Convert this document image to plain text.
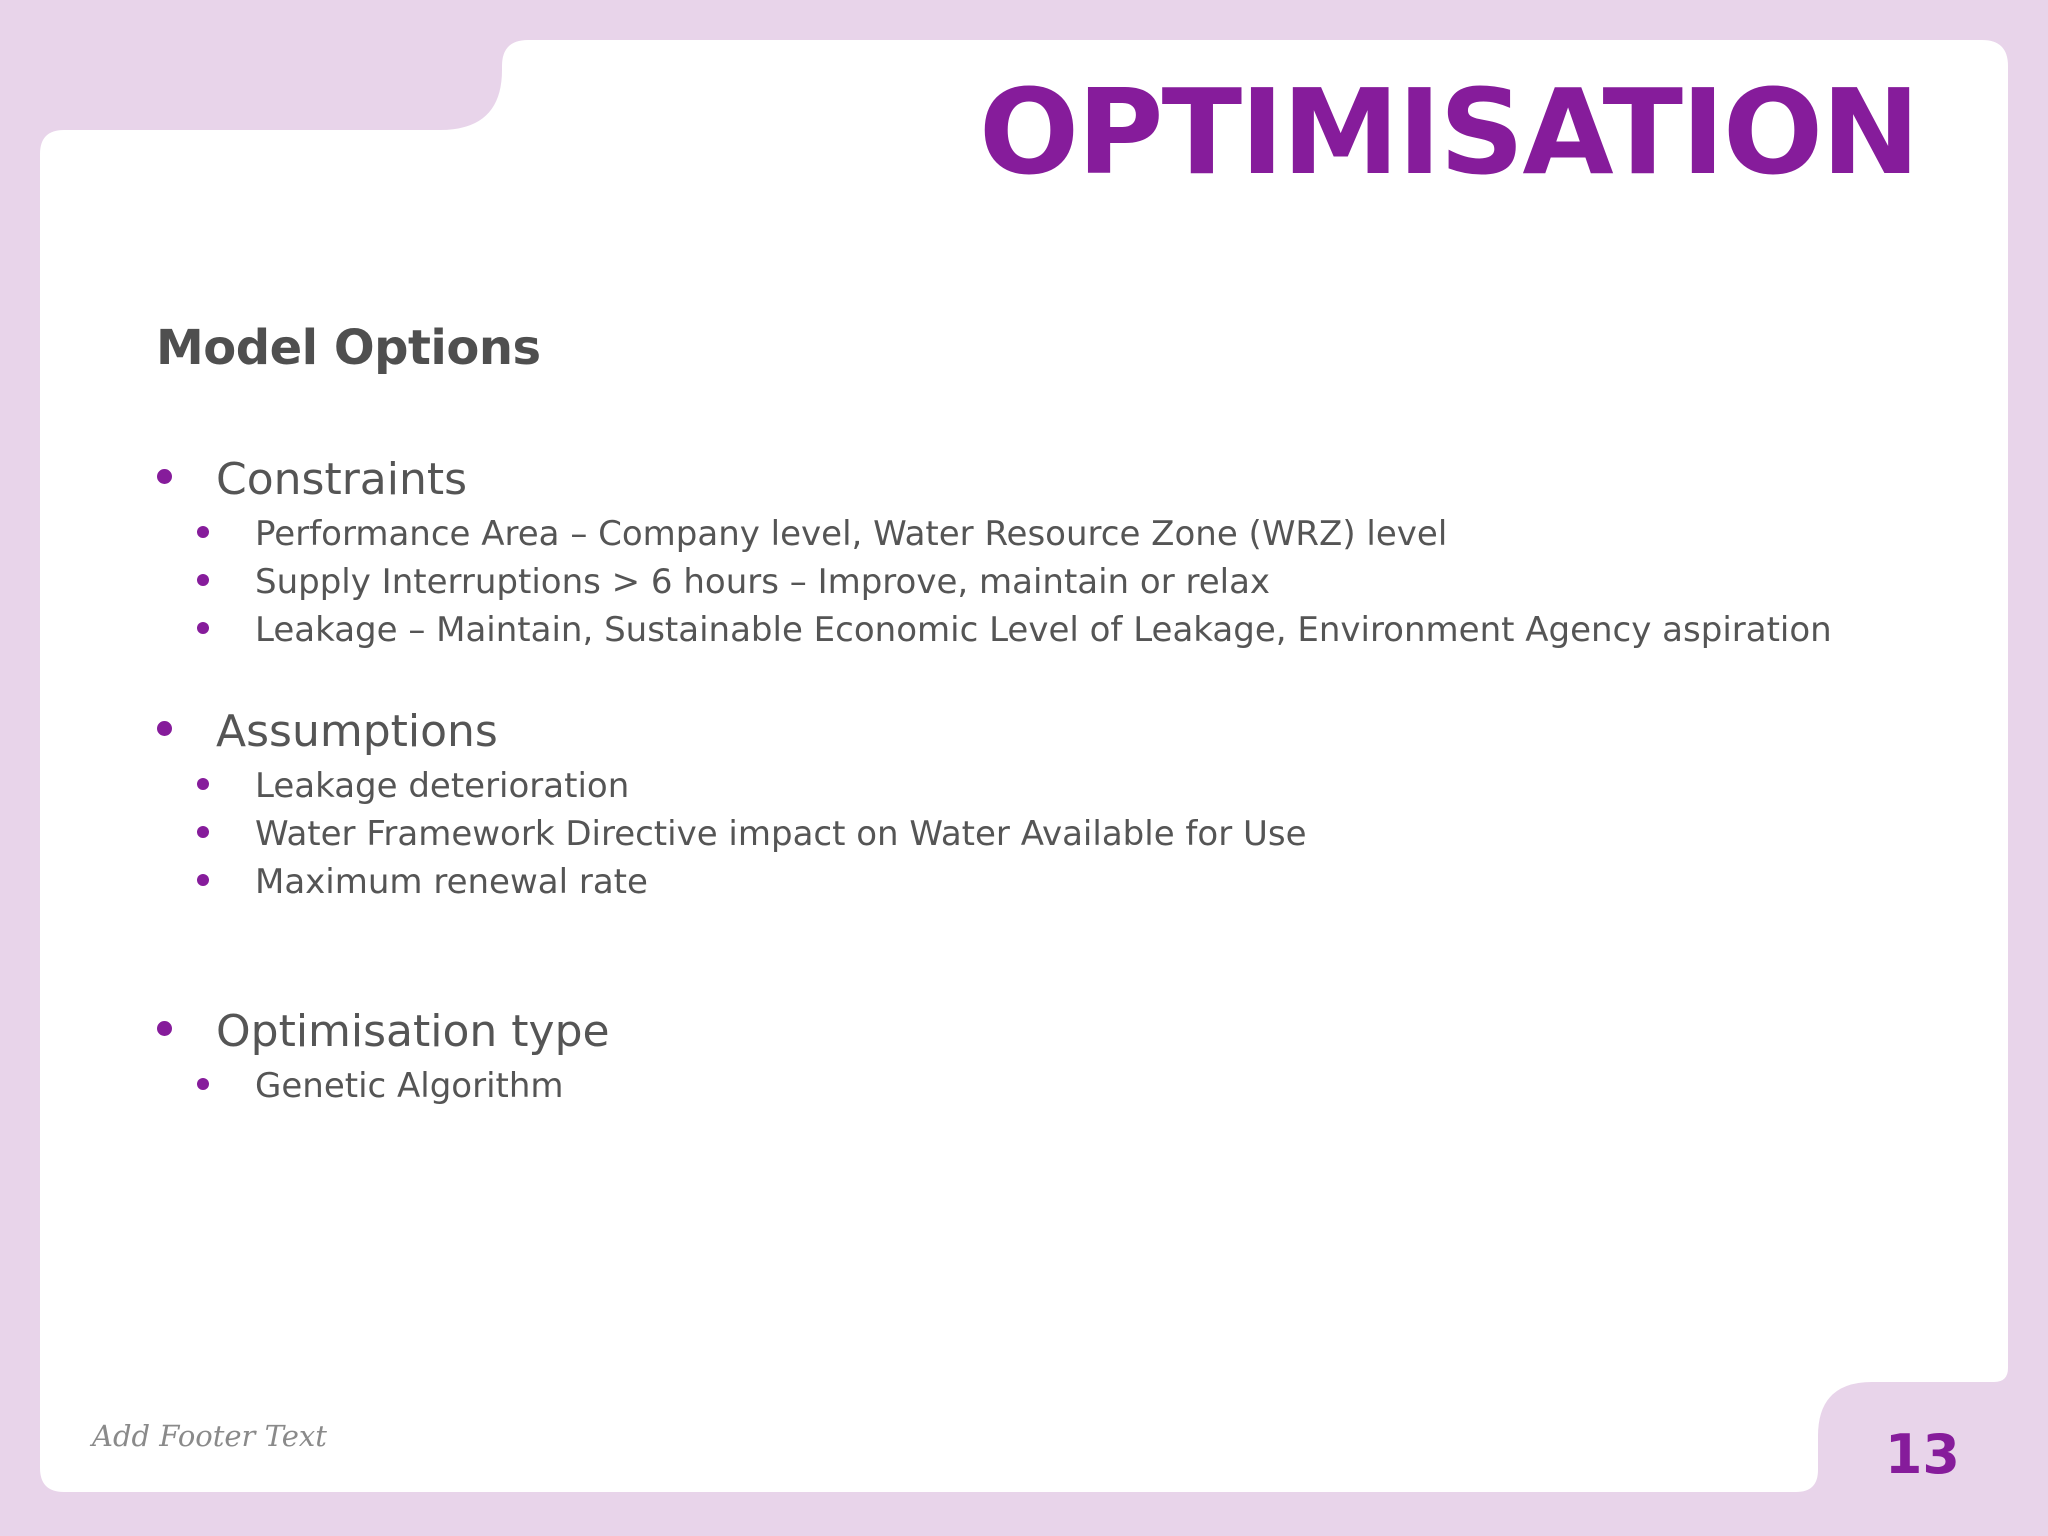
OPTIMISATION
Model Options
Constraints
Performance Area – Company level, Water Resource Zone (WRZ) level
Supply Interruptions > 6 hours – Improve, maintain or relax
Leakage – Maintain, Sustainable Economic Level of Leakage, Environment Agency aspiration
Assumptions
Leakage deterioration
Water Framework Directive impact on Water Available for Use
Maximum renewal rate
Optimisation type
Genetic Algorithm
Add Footer Text	13
